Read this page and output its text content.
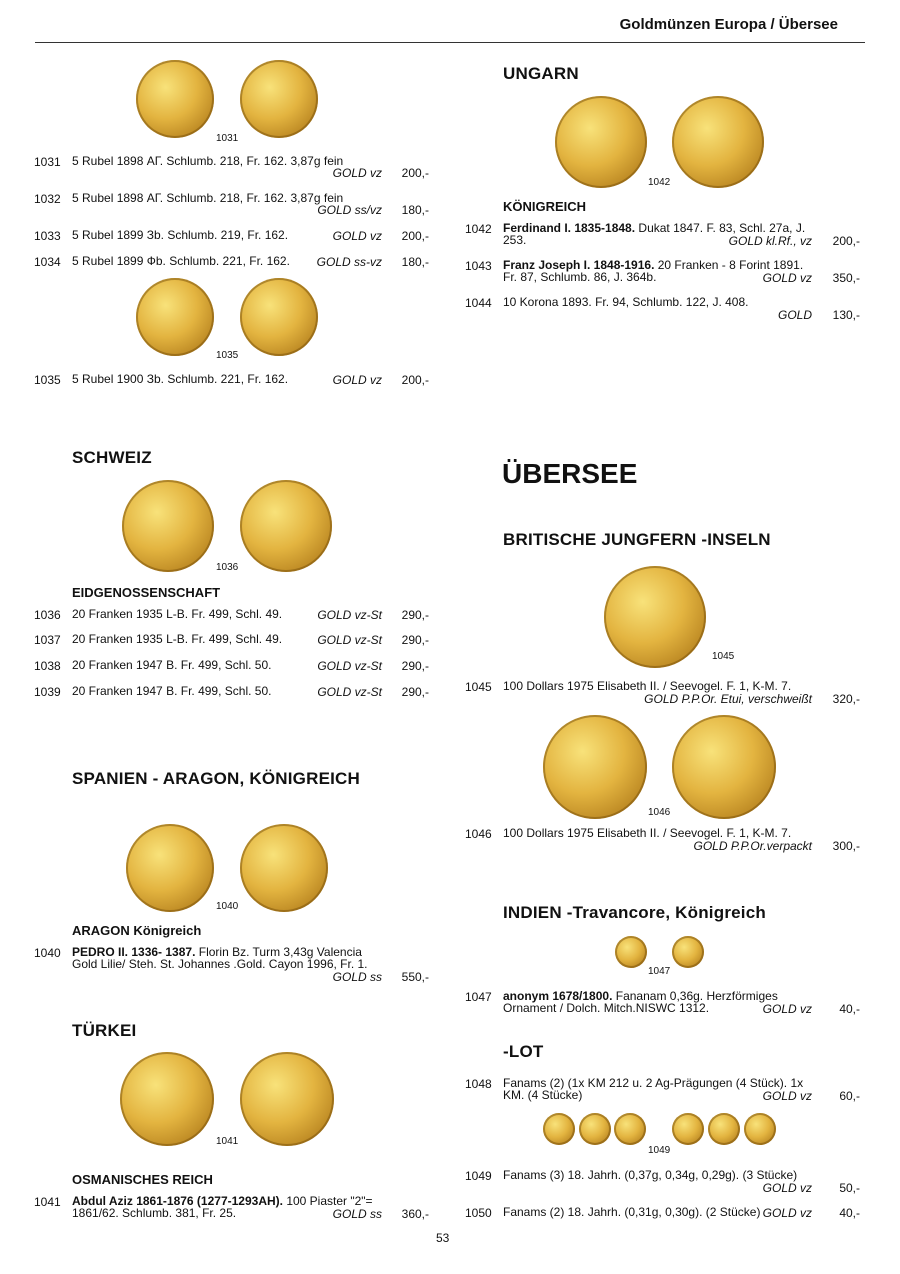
Goldmünzen Europa / Übersee
1031
1031 5 Rubel 1898 АГ. Schlumb. 218, Fr. 162. 3,87g fein
GOLD vz	200,-
1032 5 Rubel 1898 АГ. Schlumb. 218, Fr. 162. 3,87g fein
GOLD ss/vz	180,-
1033 5 Rubel 1899 Зb. Schlumb. 219, Fr. 162.	GOLD vz	200,-
1034 5 Rubel 1899 Фb. Schlumb. 221, Fr. 162.	GOLD ss-vz	180,-
1035
1035 5 Rubel 1900 Зb. Schlumb. 221, Fr. 162.	GOLD vz	200,-
SCHWEIZ
1036
EIDGENOSSENSCHAFT
1036 20 Franken 1935 L-B. Fr. 499, Schl. 49.	GOLD vz-St	290,-
1037 20 Franken 1935 L-B. Fr. 499, Schl. 49.	GOLD vz-St	290,-
1038 20 Franken 1947 B. Fr. 499, Schl. 50.	GOLD vz-St	290,-
1039 20 Franken 1947 B. Fr. 499, Schl. 50.	GOLD vz-St	290,-
SPANIEN - ARAGON, KÖNIGREICH
1040
ARAGON Königreich
1040 PEDRO II. 1336- 1387. Florin Bz. Turm 3,43g Valencia
Gold Lilie/ Steh. St. Johannes .Gold. Cayon 1996, Fr. 1.
GOLD ss	550,-
TÜRKEI
1041
OSMANISCHES REICH
1041 Abdul Aziz 1861-1876 (1277-1293AH). 100 Piaster "2"=
1861/62. Schlumb. 381, Fr. 25.	GOLD ss	360,-
UNGARN
1042
KÖNIGREICH
1042 Ferdinand I. 1835-1848. Dukat 1847. F. 83, Schl. 27a, J.
253.	GOLD kl.Rf., vz	200,-
1043 Franz Joseph I. 1848-1916. 20 Franken - 8 Forint 1891.
Fr. 87, Schlumb. 86, J. 364b.	GOLD vz	350,-
1044 10 Korona 1893. Fr. 94, Schlumb. 122, J. 408.
GOLD	130,-
ÜBERSEE
BRITISCHE JUNGFERN -INSELN
1045
1045 100 Dollars 1975 Elisabeth II. / Seevogel. F. 1, K-M. 7.
GOLD P.P.Or. Etui, verschweißt	320,-
1046
1046 100 Dollars 1975 Elisabeth II. / Seevogel. F. 1, K-M. 7.
GOLD P.P.Or.verpackt	300,-
INDIEN -Travancore, Königreich
1047
1047 anonym 1678/1800. Fananam 0,36g. Herzförmiges
Ornament / Dolch. Mitch.NISWC 1312.	GOLD vz	40,-
-LOT
1048 Fanams (2) (1x KM 212 u. 2 Ag-Prägungen (4 Stück). 1x
KM. (4 Stücke)	GOLD vz	60,-
1049
1049 Fanams (3) 18. Jahrh. (0,37g, 0,34g, 0,29g). (3 Stücke)
GOLD vz	50,-
1050 Fanams (2) 18. Jahrh. (0,31g, 0,30g). (2 Stücke) GOLD vz	40,-
53
